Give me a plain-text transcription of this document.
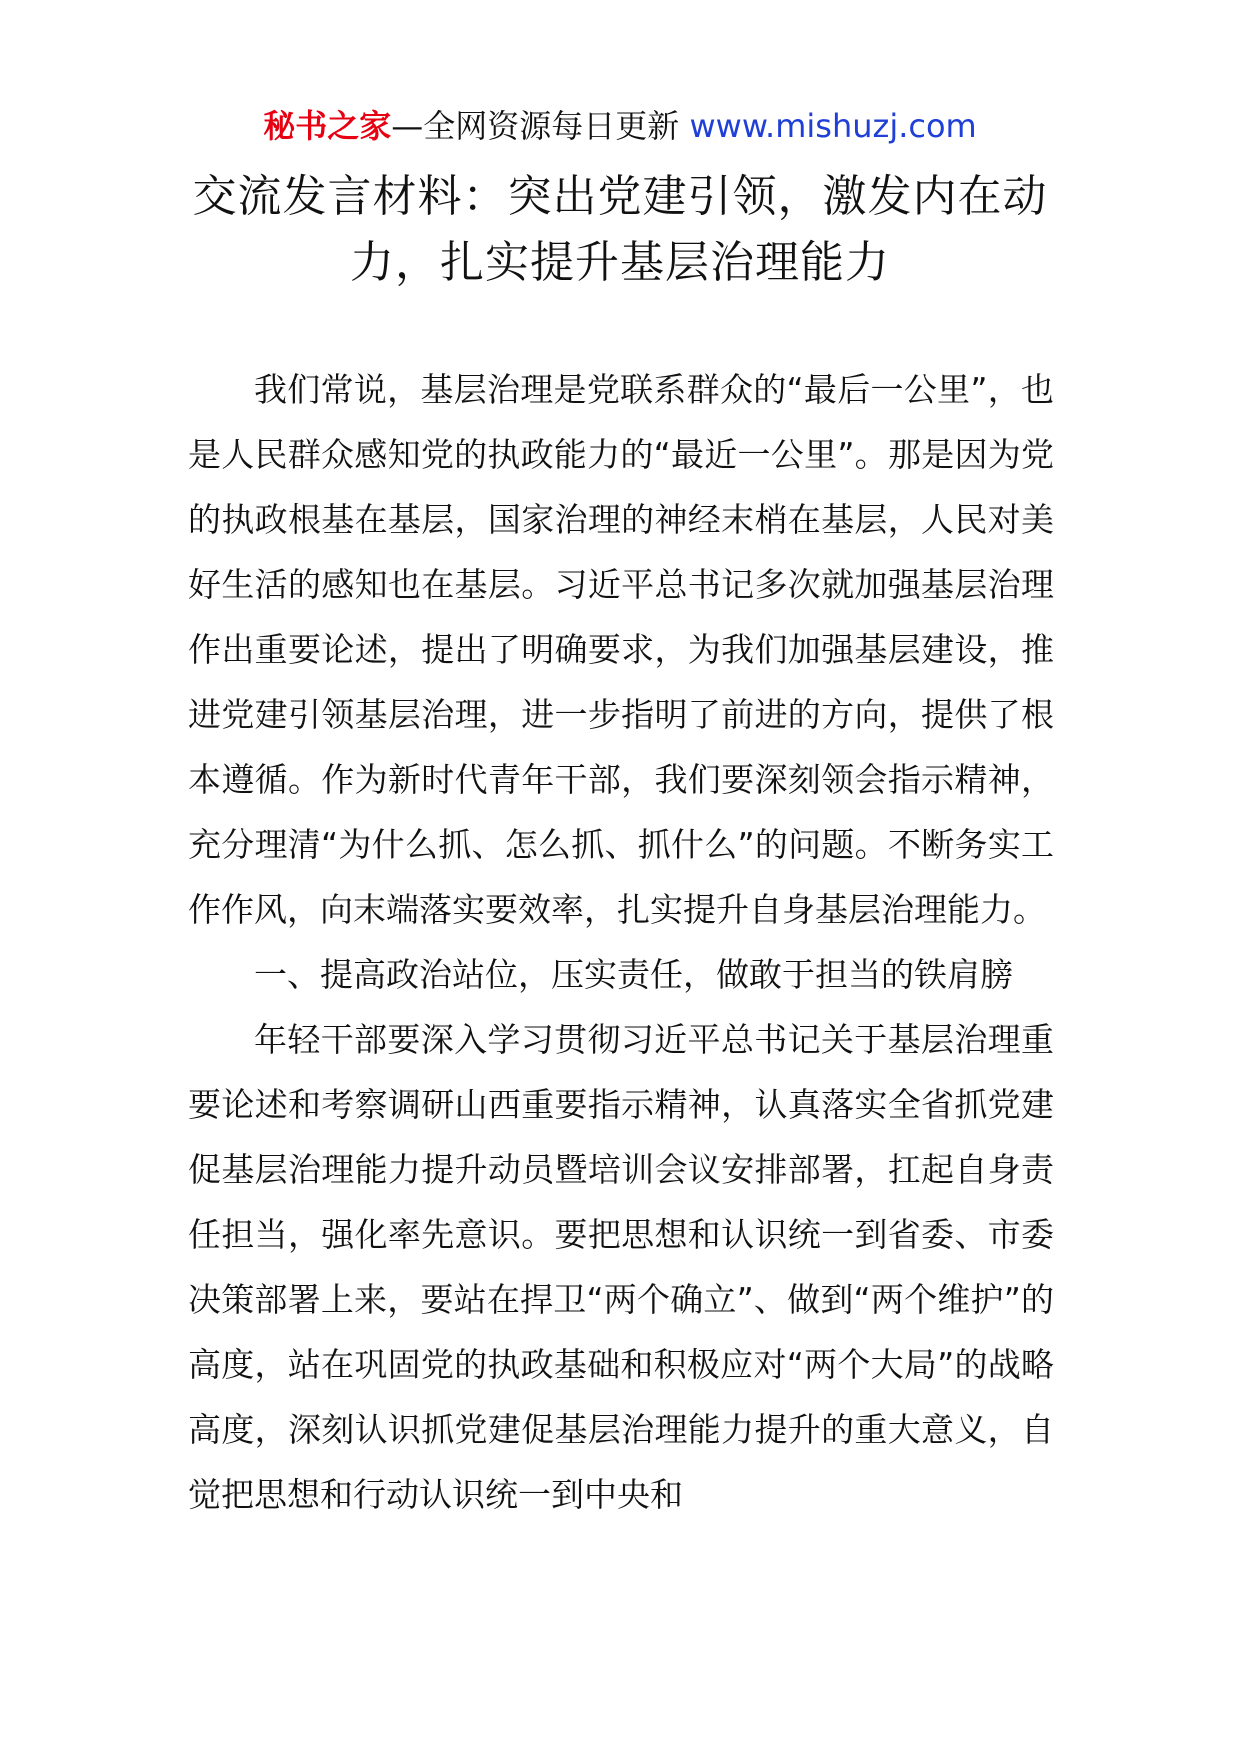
秘书之家—全网资源每日更新 www.mishuzj.com
交流发言材料：突出党建引领，激发内在动力，扎实提升基层治理能力

我们常说，基层治理是党联系群众的“最后一公里”，也是人民群众感知党的执政能力的“最近一公里”。那是因为党的执政根基在基层，国家治理的神经末梢在基层，人民对美好生活的感知也在基层。习近平总书记多次就加强基层治理作出重要论述，提出了明确要求，为我们加强基层建设，推进党建引领基层治理，进一步指明了前进的方向，提供了根本遵循。作为新时代青年干部，我们要深刻领会指示精神，充分理清“为什么抓、怎么抓、抓什么”的问题。不断务实工作作风，向末端落实要效率，扎实提升自身基层治理能力。

一、提高政治站位，压实责任，做敢于担当的铁肩膀

年轻干部要深入学习贯彻习近平总书记关于基层治理重要论述和考察调研山西重要指示精神，认真落实全省抓党建促基层治理能力提升动员暨培训会议安排部署，扛起自身责任担当，强化率先意识。要把思想和认识统一到省委、市委决策部署上来，要站在捍卫“两个确立”、做到“两个维护”的高度，站在巩固党的执政基础和积极应对“两个大局”的战略高度，深刻认识抓党建促基层治理能力提升的重大意义，自觉把思想和行动认识统一到中央和
